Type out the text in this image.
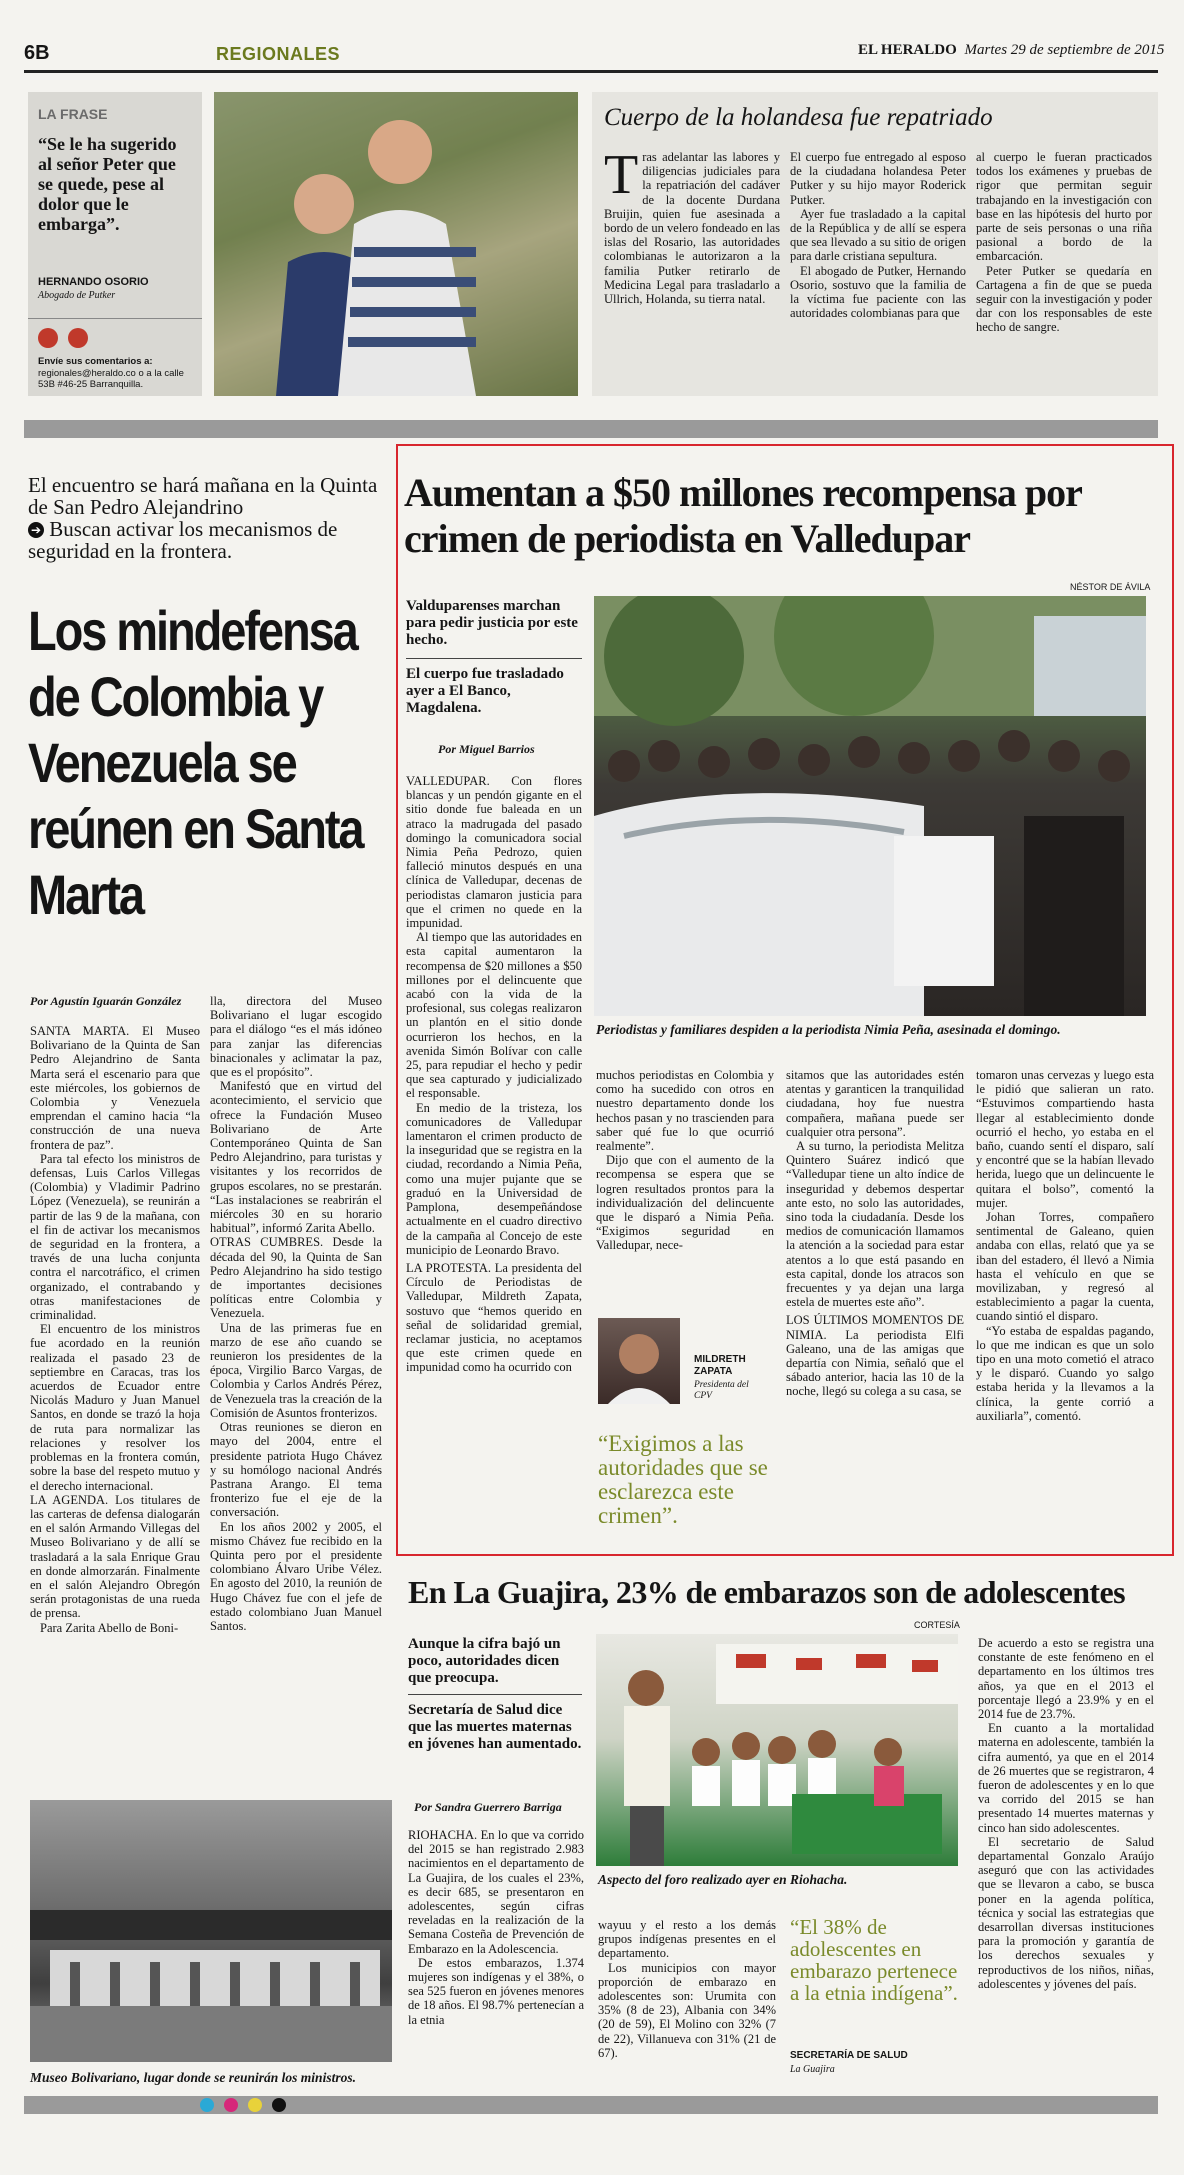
6B	REGIONALES	EL HERALDO Martes 29 de septiembre de 2015
LA FRASE
“Se le ha sugerido al señor Peter que se quede, pese al dolor que le embarga”.
HERNANDO OSORIO
Abogado de Putker

Envíe sus comentarios a:
regionales@heraldo.co o a la calle 53B #46-25 Barranquilla.
Cuerpo de la holandesa fue repatriado
T ras adelantar las labores y diligencias judiciales para la repatriación del cadáver de la docente Durdana Bruijin, quien fue asesinada a bordo de un velero fondeado en las islas del Rosario, las autoridades colombianas le autorizaron a la familia Putker retirarlo de Medicina Legal para trasladarlo a Ullrich, Holanda, su tierra natal.

El cuerpo fue entregado al esposo de la ciudadana holandesa Peter Putker y su hijo mayor Roderick Putker.

Ayer fue trasladado a la capital de la República y de allí se espera que sea llevado a su sitio de origen para darle cristiana sepultura.

El abogado de Putker, Hernando Osorio, sostuvo que la familia de la víctima fue paciente con las autoridades colombianas para que

al cuerpo le fueran practicados todos los exámenes y pruebas de rigor que permitan seguir trabajando en la investigación con base en las hipótesis del hurto por parte de seis personas o una riña pasional a bordo de la embarcación.

Peter Putker se quedaría en Cartagena a fin de que se pueda seguir con la investigación y poder dar con los responsables de este hecho de sangre.

El encuentro se hará mañana en la Quinta de San Pedro Alejandrino
➔ Buscan activar los mecanismos de seguridad en la frontera.
Los mindefensa de Colombia y Venezuela se reúnen en Santa Marta
Por Agustín Iguarán González

SANTA MARTA. El Museo Bolivariano de la Quinta de San Pedro Alejandrino de Santa Marta será el escenario para que este miércoles, los gobiernos de Colombia y Venezuela emprendan el camino hacia “la construcción de una nueva frontera de paz”.

Para tal efecto los ministros de defensas, Luis Carlos Villegas (Colombia) y Vladimir Padrino López (Venezuela), se reunirán a partir de las 9 de la mañana, con el fin de activar los mecanismos de seguridad en la frontera, a través de una lucha conjunta contra el narcotráfico, el crimen organizado, el contrabando y otras manifestaciones de criminalidad.

El encuentro de los ministros fue acordado en la reunión realizada el pasado 23 de septiembre en Caracas, tras los acuerdos de Ecuador entre Nicolás Maduro y Juan Manuel Santos, en donde se trazó la hoja de ruta para normalizar las relaciones y resolver los problemas en la frontera común, sobre la base del respeto mutuo y el derecho internacional.

LA AGENDA. Los titulares de las carteras de defensa dialogarán en el salón Armando Villegas del Museo Bolivariano y de allí se trasladará a la sala Enrique Grau en donde almorzarán. Finalmente en el salón Alejandro Obregón serán protagonistas de una rueda de prensa.

Para Zarita Abello de Boni-

lla, directora del Museo Bolivariano el lugar escogido para el diálogo “es el más idóneo para zanjar las diferencias binacionales y aclimatar la paz, que es el propósito”.

Manifestó que en virtud del acontecimiento, el servicio que ofrece la Fundación Museo Bolivariano de Arte Contemporáneo Quinta de San Pedro Alejandrino, para turistas y visitantes y los recorridos de grupos escolares, no se prestarán. “Las instalaciones se reabrirán el miércoles 30 en su horario habitual”, informó Zarita Abello.

OTRAS CUMBRES. Desde la década del 90, la Quinta de San Pedro Alejandrino ha sido testigo de importantes decisiones políticas entre Colombia y Venezuela.

Una de las primeras fue en marzo de ese año cuando se reunieron los presidentes de la época, Virgilio Barco Vargas, de Colombia y Carlos Andrés Pérez, de Venezuela tras la creación de la Comisión de Asuntos fronterizos.

Otras reuniones se dieron en mayo del 2004, entre el presidente patriota Hugo Chávez y su homólogo nacional Andrés Pastrana Arango. El tema fronterizo fue el eje de la conversación.

En los años 2002 y 2005, el mismo Chávez fue recibido en la Quinta pero por el presidente colombiano Álvaro Uribe Vélez. En agosto del 2010, la reunión de Hugo Chávez fue con el jefe de estado colombiano Juan Manuel Santos.

Museo Bolivariano, lugar donde se reunirán los ministros.
Aumentan a $50 millones recompensa por crimen de periodista en Valledupar
NÉSTOR DE ÁVILA
Valduparenses marchan para pedir justicia por este hecho.
El cuerpo fue trasladado ayer a El Banco, Magdalena.
Por Miguel Barrios
Periodistas y familiares despiden a la periodista Nimia Peña, asesinada el domingo.

VALLEDUPAR. Con flores blancas y un pendón gigante en el sitio donde fue baleada en un atraco la madrugada del pasado domingo la comunicadora social Nimia Peña Pedrozo, quien falleció minutos después en una clínica de Valledupar, decenas de periodistas clamaron justicia para que el crimen no quede en la impunidad.

Al tiempo que las autoridades en esta capital aumentaron la recompensa de $20 millones a $50 millones por el delincuente que acabó con la vida de la profesional, sus colegas realizaron un plantón en el sitio donde ocurrieron los hechos, en la avenida Simón Bolívar con calle 25, para repudiar el hecho y pedir que sea capturado y judicializado el responsable.

En medio de la tristeza, los comunicadores de Valledupar lamentaron el crimen producto de la inseguridad que se registra en la ciudad, recordando a Nimia Peña, como una mujer pujante que se graduó en la Universidad de Pamplona, desempeñándose actualmente en el cuadro directivo de la campaña al Concejo de este municipio de Leonardo Bravo.

LA PROTESTA. La presidenta del Círculo de Periodistas de Valledupar, Mildreth Zapata, sostuvo que “hemos querido en señal de solidaridad gremial, reclamar justicia, no aceptamos que este crimen quede en impunidad como ha ocurrido con

muchos periodistas en Colombia y como ha sucedido con otros en nuestro departamento donde los hechos pasan y no trascienden para saber qué fue lo que ocurrió realmente”.

Dijo que con el aumento de la recompensa se espera que se logren resultados prontos para la individualización del delincuente que le disparó a Nimia Peña. “Exigimos seguridad en Valledupar, nece-

MILDRETH ZAPATA
Presidenta del CPV
“Exigimos a las autoridades que se esclarezca este crimen”.

sitamos que las autoridades estén atentas y garanticen la tranquilidad ciudadana, hoy fue nuestra compañera, mañana puede ser cualquier otra persona”.

A su turno, la periodista Melitza Quintero Suárez indicó que “Valledupar tiene un alto índice de inseguridad y debemos despertar ante esto, no solo las autoridades, sino toda la ciudadanía. Desde los medios de comunicación llamamos la atención a la sociedad para estar atentos a lo que está pasando en esta capital, donde los atracos son frecuentes y ya dejan una larga estela de muertes este año”.

LOS ÚLTIMOS MOMENTOS DE NIMIA. La periodista Elfi Galeano, una de las amigas que departía con Nimia, señaló que el sábado anterior, hacia las 10 de la noche, llegó su colega a su casa, se

tomaron unas cervezas y luego esta le pidió que salieran un rato. “Estuvimos compartiendo hasta llegar al establecimiento donde ocurrió el hecho, yo estaba en el baño, cuando sentí el disparo, salí y encontré que se la habían llevado herida, luego que un delincuente le quitara el bolso”, comentó la mujer.

Johan Torres, compañero sentimental de Galeano, quien andaba con ellas, relató que ya se iban del estadero, él llevó a Nimia hasta el vehículo en que se movilizaban, y regresó al establecimiento a pagar la cuenta, cuando sintió el disparo.

“Yo estaba de espaldas pagando, lo que me indican es que un solo tipo en una moto cometió el atraco y le disparó. Cuando yo salgo estaba herida y la llevamos a la clínica, la gente corrió a auxiliarla”, comentó.

En La Guajira, 23% de embarazos son de adolescentes
CORTESÍA
Aunque la cifra bajó un poco, autoridades dicen que preocupa.
Secretaría de Salud dice que las muertes maternas en jóvenes han aumentado.
Por Sandra Guerrero Barriga

RIOHACHA. En lo que va corrido del 2015 se han registrado 2.983 nacimientos en el departamento de La Guajira, de los cuales el 23%, es decir 685, se presentaron en adolescentes, según cifras reveladas en la realización de la Semana Costeña de Prevención de Embarazo en la Adolescencia.

De estos embarazos, 1.374 mujeres son indígenas y el 38%, o sea 525 fueron en jóvenes menores de 18 años. El 98.7% pertenecían a la etnia

Aspecto del foro realizado ayer en Riohacha.

wayuu y el resto a los demás grupos indígenas presentes en el departamento.

Los municipios con mayor proporción de embarazo en adolescentes son: Urumita con 35% (8 de 23), Albania con 34% (20 de 59), El Molino con 32% (7 de 22), Villanueva con 31% (21 de 67).

“El 38% de adolescentes en embarazo pertenece a la etnia indígena”.
SECRETARÍA DE SALUD
La Guajira

De acuerdo a esto se registra una constante de este fenómeno en el departamento en los últimos tres años, ya que en el 2013 el porcentaje llegó a 23.9% y en el 2014 fue de 23.7%.

En cuanto a la mortalidad materna en adolescente, también la cifra aumentó, ya que en el 2014 de 26 muertes que se registraron, 4 fueron de adolescentes y en lo que va corrido del 2015 se han presentado 14 muertes maternas y cinco han sido adolescentes.

El secretario de Salud departamental Gonzalo Araújo aseguró que con las actividades que se llevaron a cabo, se busca poner en la agenda política, técnica y social las estrategias que desarrollan diversas instituciones para la promoción y garantía de los derechos sexuales y reproductivos de los niños, niñas, adolescentes y jóvenes del país.
